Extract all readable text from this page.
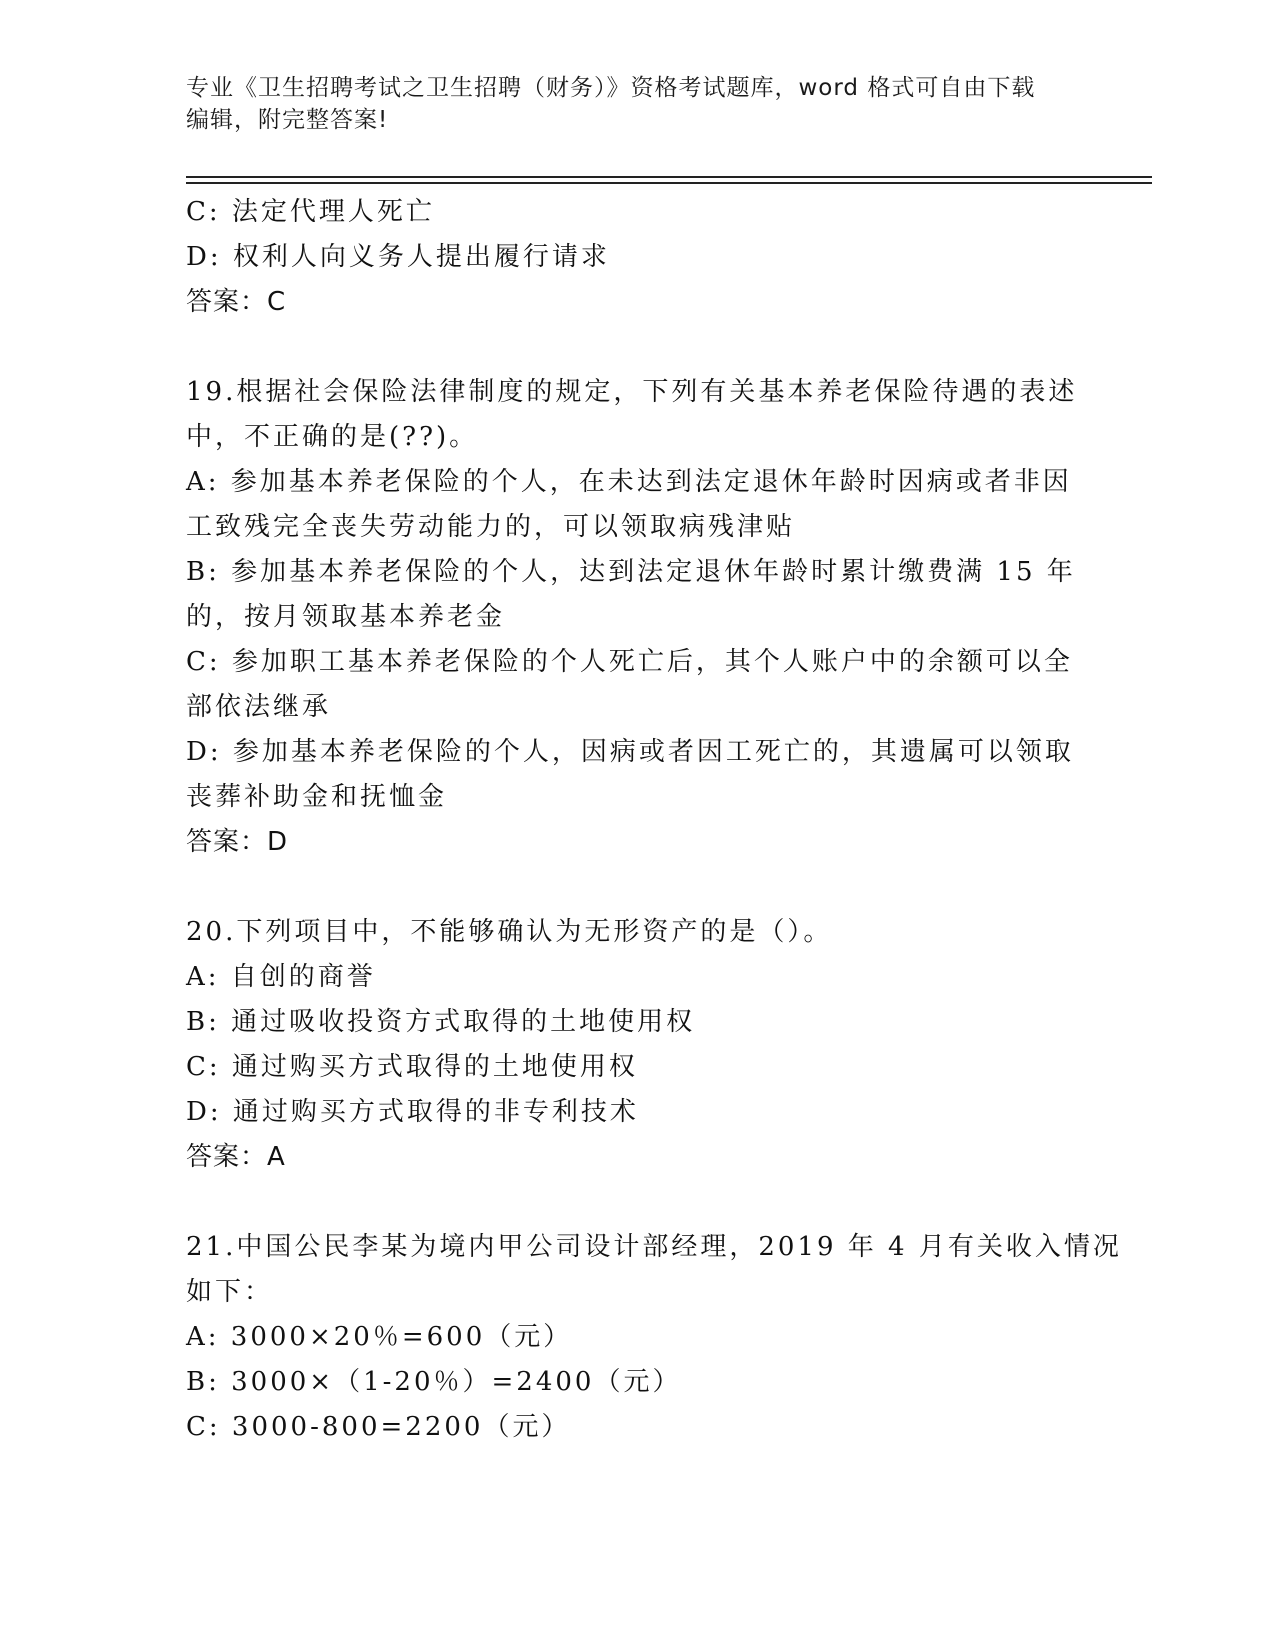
专业《卫生招聘考试之卫生招聘（财务）》资格考试题库，word 格式可自由下载
编辑，附完整答案!
C: 法定代理人死亡
D: 权利人向义务人提出履行请求
答案：C
19.根据社会保险法律制度的规定，下列有关基本养老保险待遇的表述
中，不正确的是(??)。
A: 参加基本养老保险的个人，在未达到法定退休年龄时因病或者非因
工致残完全丧失劳动能力的，可以领取病残津贴
B: 参加基本养老保险的个人，达到法定退休年龄时累计缴费满 15 年
的，按月领取基本养老金
C: 参加职工基本养老保险的个人死亡后，其个人账户中的余额可以全
部依法继承
D: 参加基本养老保险的个人，因病或者因工死亡的，其遗属可以领取
丧葬补助金和抚恤金
答案：D
20.下列项目中，不能够确认为无形资产的是（）。
A: 自创的商誉
B: 通过吸收投资方式取得的土地使用权
C: 通过购买方式取得的土地使用权
D: 通过购买方式取得的非专利技术
答案：A
21.中国公民李某为境内甲公司设计部经理，2019 年 4 月有关收入情况
如下：
A: 3000×20％=600（元）
B: 3000×（1-20％）=2400（元）
C: 3000-800=2200（元）
